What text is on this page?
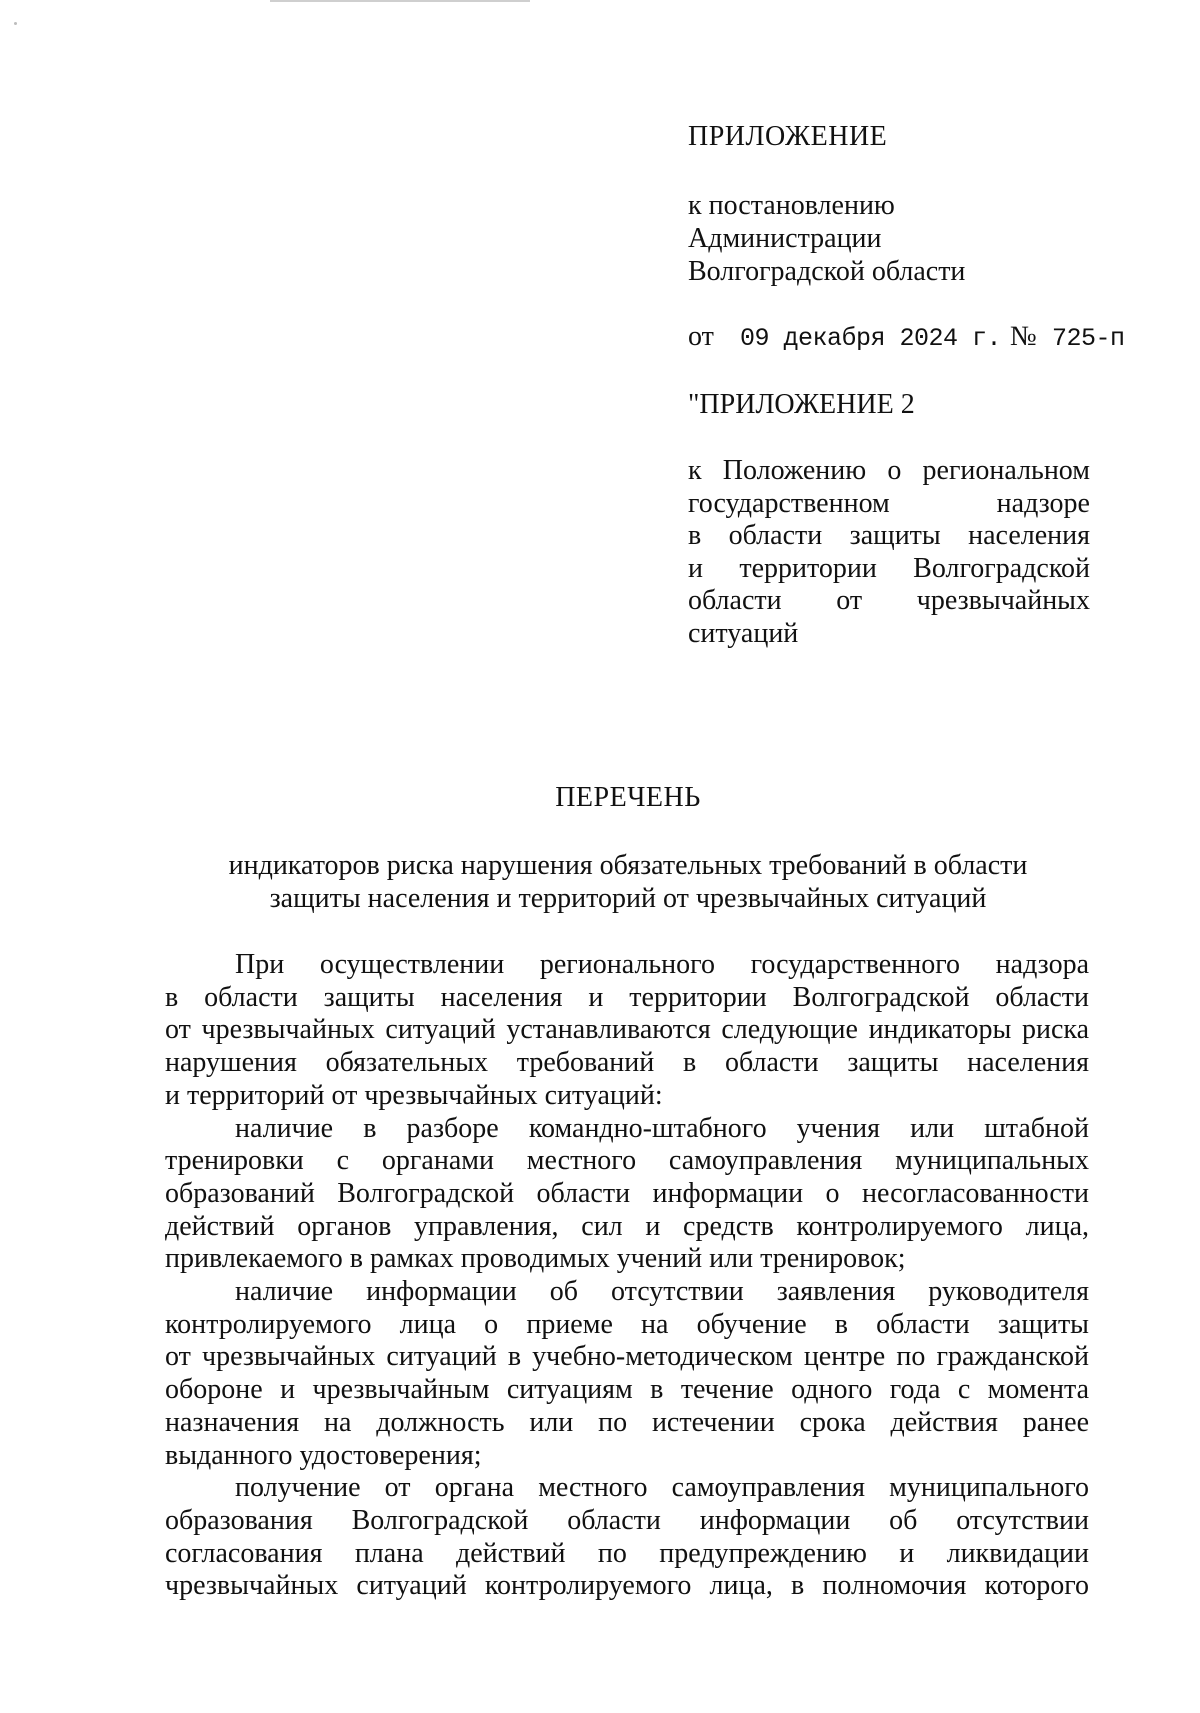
ПРИЛОЖЕНИЕ
к постановлению
Администрации
Волгоградской области
от 09 декабря 2024 г. № 725-п
"ПРИЛОЖЕНИЕ 2
к Положению о региональном
государственном надзоре
в области защиты населения
и территории Волгоградской
области от чрезвычайных
ситуаций
ПЕРЕЧЕНЬ
индикаторов риска нарушения обязательных требований в области
защиты населения и территорий от чрезвычайных ситуаций
При осуществлении регионального государственного надзора
в области защиты населения и территории Волгоградской области
от чрезвычайных ситуаций устанавливаются следующие индикаторы риска
нарушения обязательных требований в области защиты населения
и территорий от чрезвычайных ситуаций:
наличие в разборе командно-штабного учения или штабной
тренировки с органами местного самоуправления муниципальных
образований Волгоградской области информации о несогласованности
действий органов управления, сил и средств контролируемого лица,
привлекаемого в рамках проводимых учений или тренировок;
наличие информации об отсутствии заявления руководителя
контролируемого лица о приеме на обучение в области защиты
от чрезвычайных ситуаций в учебно-методическом центре по гражданской
обороне и чрезвычайным ситуациям в течение одного года с момента
назначения на должность или по истечении срока действия ранее
выданного удостоверения;
получение от органа местного самоуправления муниципального
образования Волгоградской области информации об отсутствии
согласования плана действий по предупреждению и ликвидации
чрезвычайных ситуаций контролируемого лица, в полномочия которого
